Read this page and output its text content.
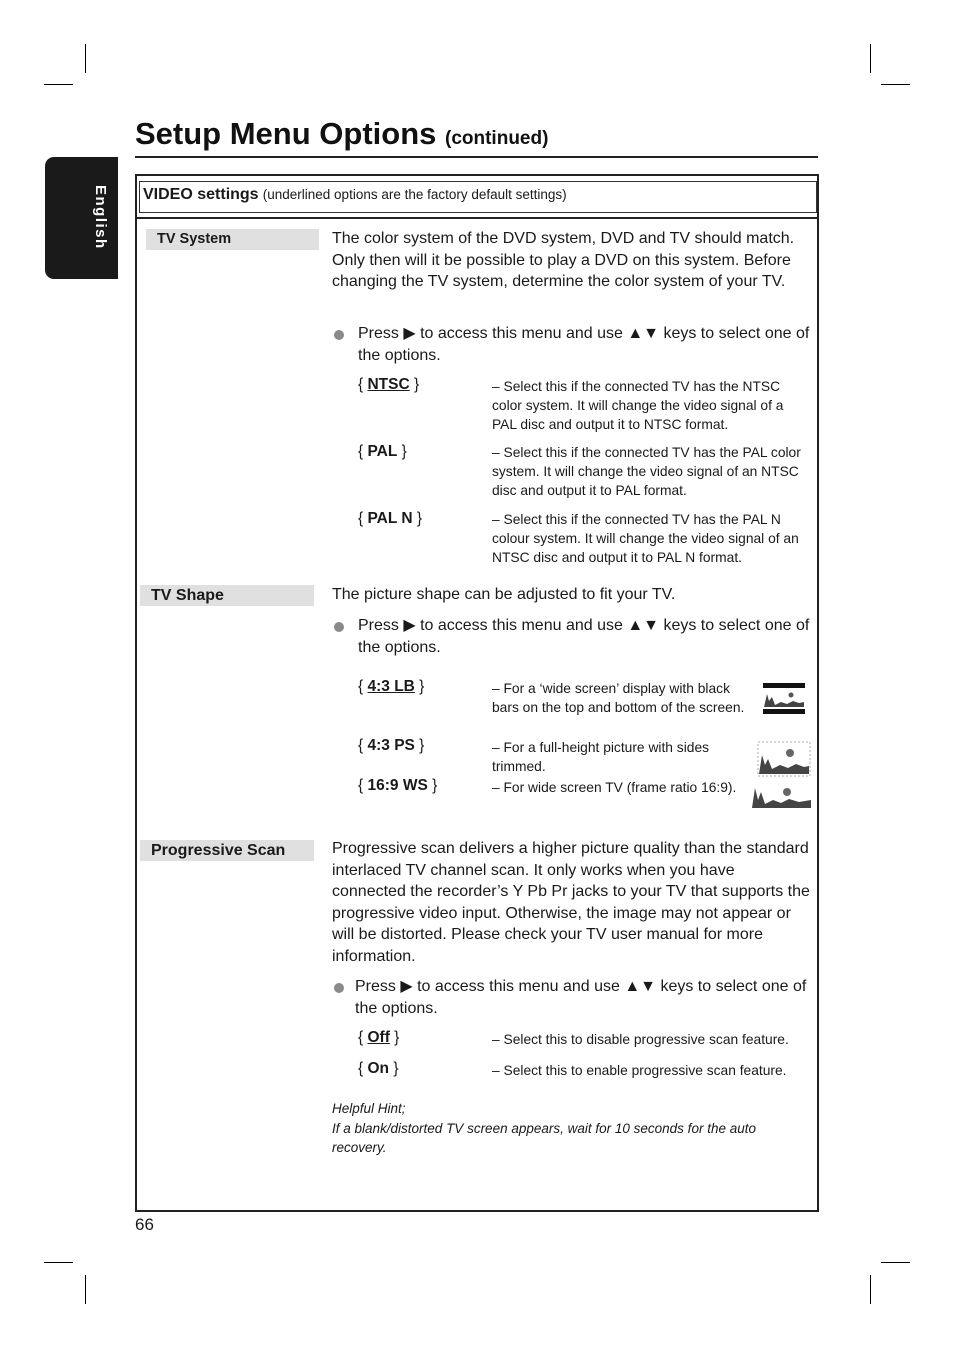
Setup Menu Options (continued)
English VIDEO settings (underlined options are the factory default settings)
TV System	The color system of the DVD system, DVD and TV should match. Only then will it be possible to play a DVD on this system. Before changing the TV system, determine the color system of your TV.
Press ▶ to access this menu and use ▲▼ keys to select one of the options.
{ NTSC }	– Select this if the connected TV has the NTSC color system. It will change the video signal of a PAL disc and output it to NTSC format.
{ PAL }	– Select this if the connected TV has the PAL color system. It will change the video signal of an NTSC disc and output it to PAL format.
{ PAL N }	– Select this if the connected TV has the PAL N colour system. It will change the video signal of an NTSC disc and output it to PAL N format.
TV Shape	The picture shape can be adjusted to fit your TV.
Press ▶ to access this menu and use ▲▼ keys to select one of the options.
{ 4:3 LB }	– For a ‘wide screen’ display with black bars on the top and bottom of the screen.
{ 4:3 PS }	– For a full-height picture with sides trimmed.
{ 16:9 WS }	– For wide screen TV (frame ratio 16:9).
Progressive Scan	Progressive scan delivers a higher picture quality than the standard interlaced TV channel scan. It only works when you have connected the recorder’s Y Pb Pr jacks to your TV that supports the progressive video input. Otherwise, the image may not appear or will be distorted. Please check your TV user manual for more information.
Press ▶ to access this menu and use ▲▼ keys to select one of the options.
{ Off }	– Select this to disable progressive scan feature.
{ On }	– Select this to enable progressive scan feature.
Helpful Hint;
If a blank/distorted TV screen appears, wait for 10 seconds for the auto recovery.
66
